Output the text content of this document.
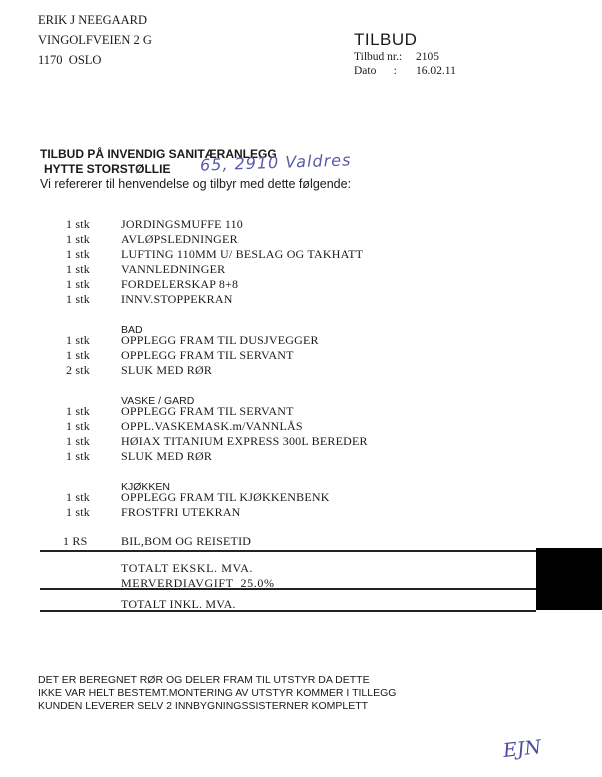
ERIK J NEEGAARD
VINGOLFVEIEN 2 G
1170 OSLO
TILBUD
Tilbud nr.: 2105
Dato      : 16.02.11
TILBUD PÅ INVENDIG SANITÆRANLEGG
HYTTE STORSTØLLIE
Vi refererer til henvendelse og tilbyr med dette følgende:
65, 2910 Valdres
1 stk	JORDINGSMUFFE 110
1 stk	AVLØPSLEDNINGER
1 stk	LUFTING 110MM U/ BESLAG OG TAKHATT
1 stk	VANNLEDNINGER
1 stk	FORDELERSKAP 8+8
1 stk	INNV.STOPPEKRAN
BAD
1 stk	OPPLEGG FRAM TIL DUSJVEGGER
1 stk	OPPLEGG FRAM TIL SERVANT
2 stk	SLUK MED RØR
VASKE / GARD
1 stk	OPPLEGG FRAM TIL SERVANT
1 stk	OPPL.VASKEMASK.m/VANNLÅS
1 stk	HØIAX TITANIUM EXPRESS 300L BEREDER
1 stk	SLUK MED RØR
KJØKKEN
1 stk	OPPLEGG FRAM TIL KJØKKENBENK
1 stk	FROSTFRI UTEKRAN
1 RS	BIL,BOM OG REISETID
TOTALT EKSKL. MVA.
MERVERDIAVGIFT  25.0%
TOTALT INKL. MVA.
DET ER BEREGNET RØR OG DELER FRAM TIL UTSTYR DA DETTE
IKKE VAR HELT BESTEMT.MONTERING AV UTSTYR KOMMER I TILLEGG
KUNDEN LEVERER SELV 2 INNBYGNINGSSISTERNER KOMPLETT
EJN
